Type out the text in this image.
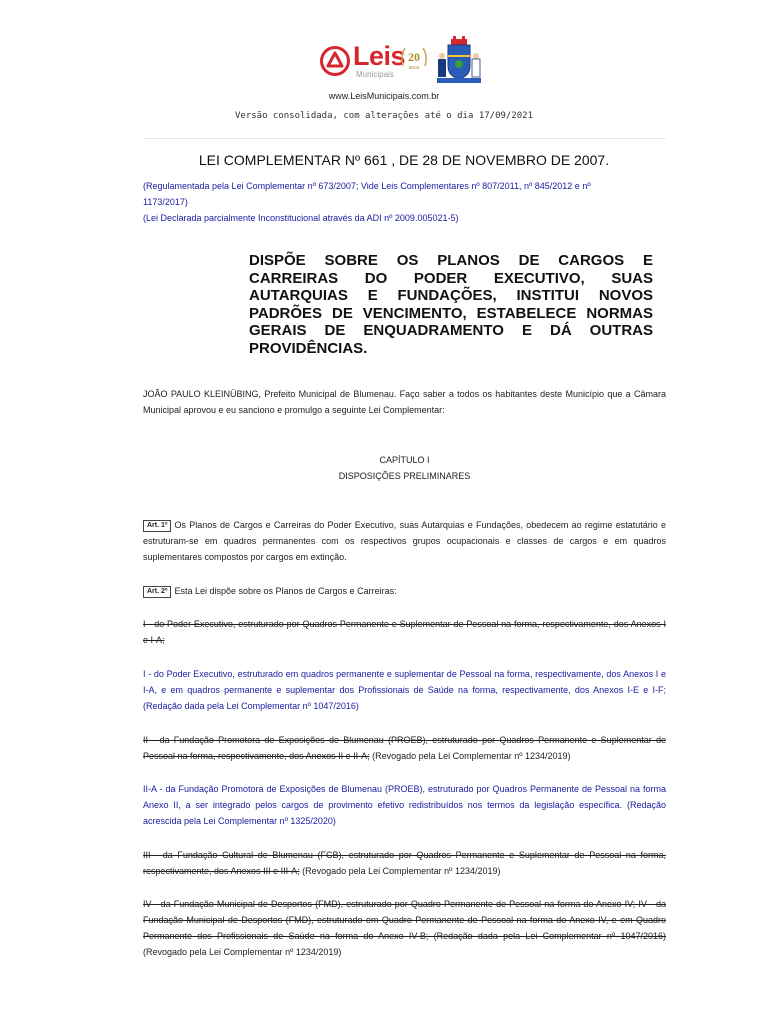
Leis
Municipais
20
anos
www.LeisMunicipais.com.br
Versão consolidada, com alterações até o dia 17/09/2021
LEI COMPLEMENTAR Nº 661 , DE 28 DE NOVEMBRO DE 2007.
(Regulamentada pela Lei Complementar nº 673/2007; Vide Leis Complementares nº 807/2011, nº 845/2012 e nº
1173/2017)
(Lei Declarada parcialmente Inconstitucional através da ADI nº 2009.005021-5)
DISPÕE SOBRE OS PLANOS DE CARGOS E CARREIRAS DO PODER EXECUTIVO, SUAS AUTARQUIAS E FUNDAÇÕES, INSTITUI NOVOS PADRÕES DE VENCIMENTO, ESTABELECE NORMAS GERAIS DE ENQUADRAMENTO E DÁ OUTRAS PROVIDÊNCIAS.
JOÃO PAULO KLEINÜBING, Prefeito Municipal de Blumenau. Faço saber a todos os habitantes deste Município que a Câmara Municipal aprovou e eu sanciono e promulgo a seguinte Lei Complementar:
CAPÍTULO I
DISPOSIÇÕES PRELIMINARES
Art. 1º Os Planos de Cargos e Carreiras do Poder Executivo, suas Autarquias e Fundações, obedecem ao regime estatutário e estruturam-se em quadros permanentes com os respectivos grupos ocupacionais e classes de cargos e em quadros suplementares compostos por cargos em extinção.
Art. 2º Esta Lei dispõe sobre os Planos de Cargos e Carreiras:
I - do Poder Executivo, estruturado por Quadros Permanente e Suplementar de Pessoal na forma, respectivamente, dos Anexos I e I-A;
I - do Poder Executivo, estruturado em quadros permanente e suplementar de Pessoal na forma, respectivamente, dos Anexos I e I-A, e em quadros permanente e suplementar dos Profissionais de Saúde na forma, respectivamente, dos Anexos I-E e I-F; (Redação dada pela Lei Complementar nº 1047/2016)
II - da Fundação Promotora de Exposições de Blumenau (PROEB), estruturado por Quadros Permanente e Suplementar de Pessoal na forma, respectivamente, dos Anexos II e II-A; (Revogado pela Lei Complementar nº 1234/2019)
II-A - da Fundação Promotora de Exposições de Blumenau (PROEB), estruturado por Quadros Permanente de Pessoal na forma Anexo II, a ser integrado pelos cargos de provimento efetivo redistribuídos nos termos da legislação específica. (Redação acrescida pela Lei Complementar nº 1325/2020)
III - da Fundação Cultural de Blumenau (FCB), estruturado por Quadros Permanente e Suplementar de Pessoal na forma, respectivamente, dos Anexos III e III-A; (Revogado pela Lei Complementar nº 1234/2019)
IV - da Fundação Municipal de Desportos (FMD), estruturado por Quadro Permanente de Pessoal na forma do Anexo IV; IV - da Fundação Municipal de Desportos (FMD), estruturado em Quadro Permanente de Pessoal na forma do Anexo IV, e em Quadro Permanente dos Profissionais de Saúde na forma do Anexo IV-B; (Redação dada pela Lei Complementar nº 1047/2016) (Revogado pela Lei Complementar nº 1234/2019)
